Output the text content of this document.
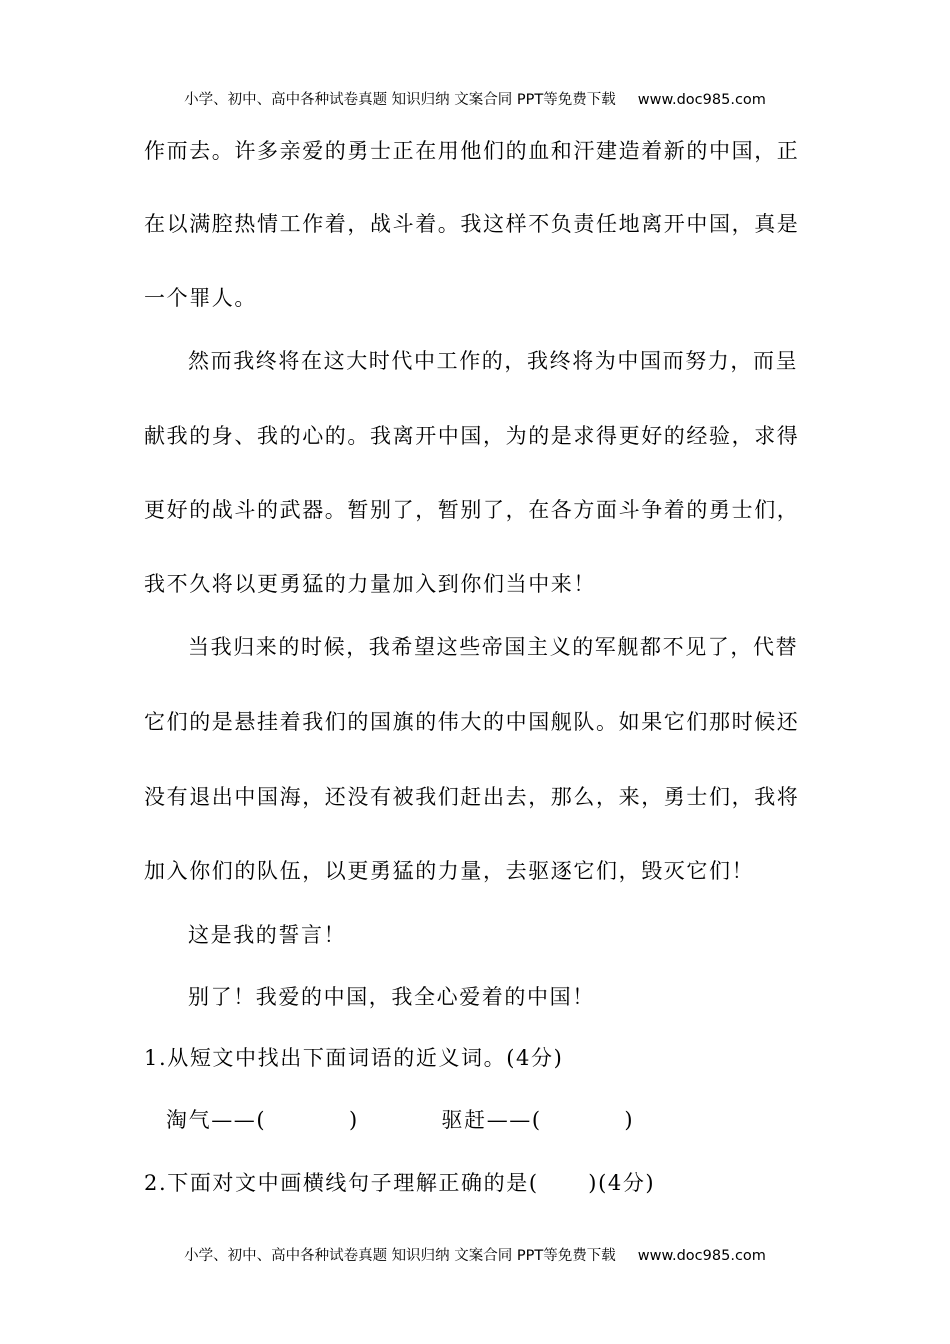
小学、初中、高中各种试卷真题 知识归纳 文案合同 PPT等免费下载 www.doc985.com
作而去。许多亲爱的勇士正在用他们的血和汗建造着新的中国，正
在以满腔热情工作着，战斗着。我这样不负责任地离开中国，真是
一个罪人。
然而我终将在这大时代中工作的，我终将为中国而努力，而呈
献我的身、我的心的。我离开中国，为的是求得更好的经验，求得
更好的战斗的武器。暂别了，暂别了，在各方面斗争着的勇士们，
我不久将以更勇猛的力量加入到你们当中来！
当我归来的时候，我希望这些帝国主义的军舰都不见了，代替
它们的是悬挂着我们的国旗的伟大的中国舰队。如果它们那时候还
没有退出中国海，还没有被我们赶出去，那么，来，勇士们，我将
加入你们的队伍，以更勇猛的力量，去驱逐它们，毁灭它们！
这是我的誓言！
别了！我爱的中国，我全心爱着的中国！
1.从短文中找出下面词语的近义词。(4分)
淘气——(          )          驱赶——(          )
2.下面对文中画横线句子理解正确的是(      )(4分)
小学、初中、高中各种试卷真题 知识归纳 文案合同 PPT等免费下载 www.doc985.com
